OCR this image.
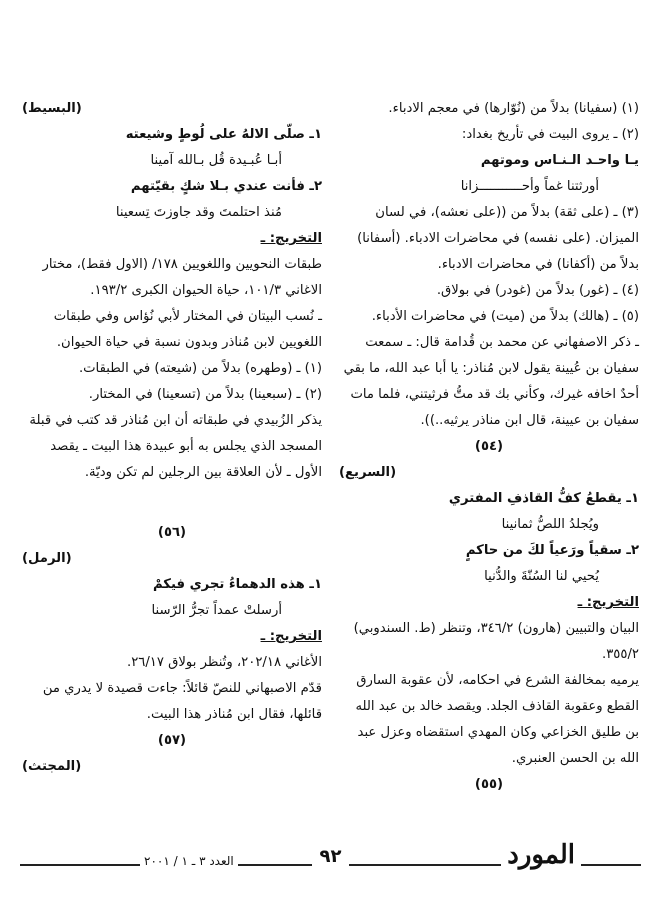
(١) (سفيانا) بدلاً من (نُوّارها) في معجم الادباء.

(٢) ـ يروى البيت في تأريخ بغداد:

يـا واحـد الـنـاس وموتهم

أورثتنا غماً وأحـــــــــــزانا

(٣) ـ (على ثقة) بدلاً من ((على نعشه)، في لسان الميزان. (على نفسه) في محاضرات الادباء. (أسفانا) بدلاً من (أكفانا) في محاضرات الادباء.

(٤) ـ (غور) بدلاً من (غودر) في بولاق.

(٥) ـ (هالك) بدلاً من (ميت) في محاضرات الأدباء.

ـ ذكر الاصفهاني عن محمد بن قُدامة قال: ـ سمعت سفيان بن عُيينة يقول لابن مُناذر: يا أبا عبد الله، ما بقي أحدٌ اخافه غيرك، وكأني بك قد متُّ فرثيتني، فلما مات سفيان بن عيينة، قال ابن مناذر يرثيه..)).

(٥٤)

(السريع)

١ـ يقطعُ كفُّ القاذفِ المفتري

ويُجلدُ اللصُّ ثمانينا

٢ـ سقياً ورَعياً لكَ من حاكمٍ

يُحيي لنا السُنّةَ والدُّنيا

التخريج: ـ

البيان والتبيين (هارون) ٣٤٦/٢، وتنظر (ط. السندوبي) ٣٥٥/٢.

يرميه بمخالفة الشرع في احكامه، لأن عقوبة السارق القطع وعقوبة القاذف الجلد. ويقصد خالد بن عبد الله بن طليق الخزاعي وكان المهدي استقضاه وعزل عبد الله بن الحسن العنبري.

(٥٥)

(البسيط)

١ـ صلّى الالهُ على لُوطٍ وشيعته

أبـا عُبـيدة قُل بـالله آمينا

٢ـ فأنت عندي بـلا شكٍ بقيّتهم

مُنذ احتلمتَ وقد جاوزتَ تِسعينا

التخريج: ـ

طبقات النحويين واللغويين ١٧٨/ (الاول فقط)، مختار الاغاني ١٠١/٣، حياة الحيوان الكبرى ١٩٣/٢.

ـ نُسب البيتان في المختار لأبي نُؤاس وفي طبقات اللغويين لابن مُناذر وبدون نسبة في حياة الحيوان.

(١) ـ (وطهره) بدلاً من (شيعته) في الطبقات.

(٢) ـ (سبعينا) بدلاً من (تسعينا) في المختار.

يذكر الزُبيدي في طبقاته أن ابن مُناذر قد كتب في قبلة المسجد الذي يجلس به أبو عبيدة هذا البيت ـ يقصد الأول ـ لأن العلاقة بين الرجلين لم تكن وديّة.

(٥٦)

(الرمل)

١ـ هذه الدهماءُ تجري فيكمْ

أرسلتْ عمداً تجرُّ الرّسنا

التخريج: ـ

الأغاني ٢٠٢/١٨، وتُنظر بولاق ٢٦/١٧.

قدّم الاصبهاني للنصّ قائلاً: جاءت قصيدة لا يدري من قائلها، فقال ابن مُناذر هذا البيت.

(٥٧)

(المجتث)

المورد
٩٢
العدد ٣ ـ ١ / ٢٠٠١
